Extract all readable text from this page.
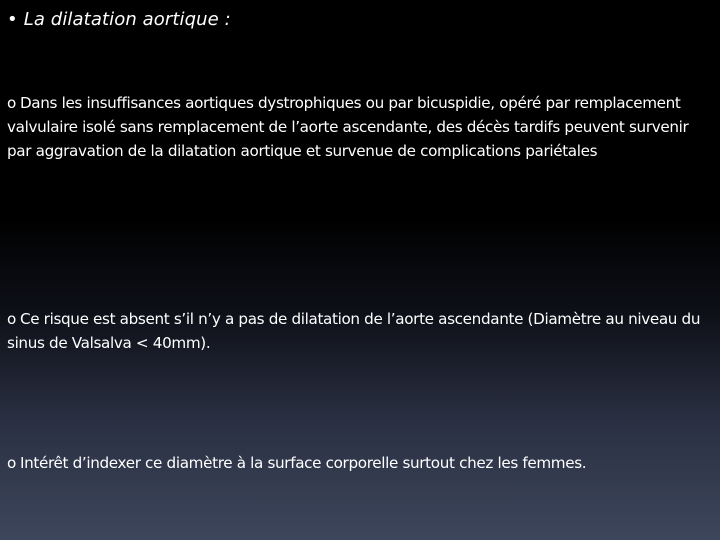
• La dilatation aortique :
o Dans les insuffisances aortiques dystrophiques ou par bicuspidie, opéré par remplacement valvulaire isolé sans remplacement de l’aorte ascendante, des décès tardifs peuvent survenir par aggravation de la dilatation aortique et survenue de complications pariétales
o Ce risque est absent s’il n’y a pas de dilatation de l’aorte ascendante (Diamètre au niveau du sinus de Valsalva < 40mm).
o Intérêt d’indexer ce diamètre à la surface corporelle surtout chez les femmes.
